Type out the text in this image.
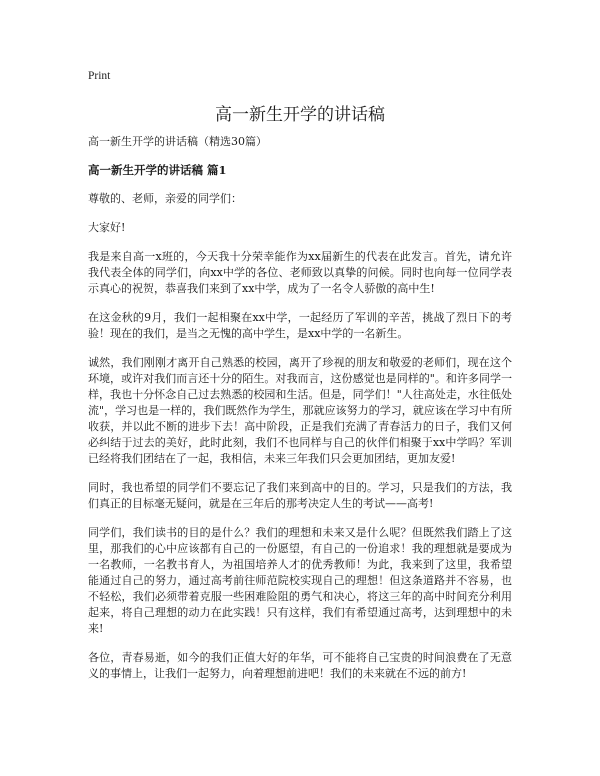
Print
高一新生开学的讲话稿

高一新生开学的讲话稿（精选30篇）

高一新生开学的讲话稿 篇1

尊敬的、老师，亲爱的同学们：

大家好!

我是来自高一x班的，今天我十分荣幸能作为xx届新生的代表在此发言。首先，请允许我代表全体的同学们，向xx中学的各位、老师致以真挚的问候。同时也向每一位同学表示真心的祝贺，恭喜我们来到了xx中学，成为了一名令人骄傲的高中生!

在这金秋的9月，我们一起相聚在xx中学，一起经历了军训的辛苦，挑战了烈日下的考验！现在的我们，是当之无愧的高中学生，是xx中学的一名新生。

诚然，我们刚刚才离开自己熟悉的校园，离开了珍视的朋友和敬爱的老师们，现在这个环境，或许对我们而言还十分的陌生。对我而言，这份感觉也是同样的"。和许多同学一样，我也十分怀念自己过去熟悉的校园和生活。但是，同学们！"人往高处走，水往低处流"，学习也是一样的，我们既然作为学生，那就应该努力的学习，就应该在学习中有所收获，并以此不断的进步下去！高中阶段，正是我们充满了青春活力的日子，我们又何必纠结于过去的美好，此时此刻，我们不也同样与自己的伙伴们相聚于xx中学吗？军训已经将我们团结在了一起，我相信，未来三年我们只会更加团结，更加友爱!

同时，我也希望的同学们不要忘记了我们来到高中的目的。学习，只是我们的方法，我们真正的目标毫无疑问，就是在三年后的那考决定人生的考试——高考!

同学们，我们读书的目的是什么？我们的理想和未来又是什么呢？但既然我们踏上了这里，那我们的心中应该都有自己的一份愿望，有自己的一份追求！我的理想就是要成为一名教师，一名教书育人，为祖国培养人才的优秀教师！为此，我来到了这里，我希望能通过自己的努力，通过高考前往师范院校实现自己的理想！但这条道路并不容易，也不轻松，我们必须带着克服一些困难险阻的勇气和决心，将这三年的高中时间充分利用起来，将自己理想的动力在此实践！只有这样，我们有希望通过高考，达到理想中的未来!

各位，青春易逝，如今的我们正值大好的年华，可不能将自己宝贵的时间浪费在了无意义的事情上，让我们一起努力，向着理想前进吧！我们的未来就在不远的前方!
